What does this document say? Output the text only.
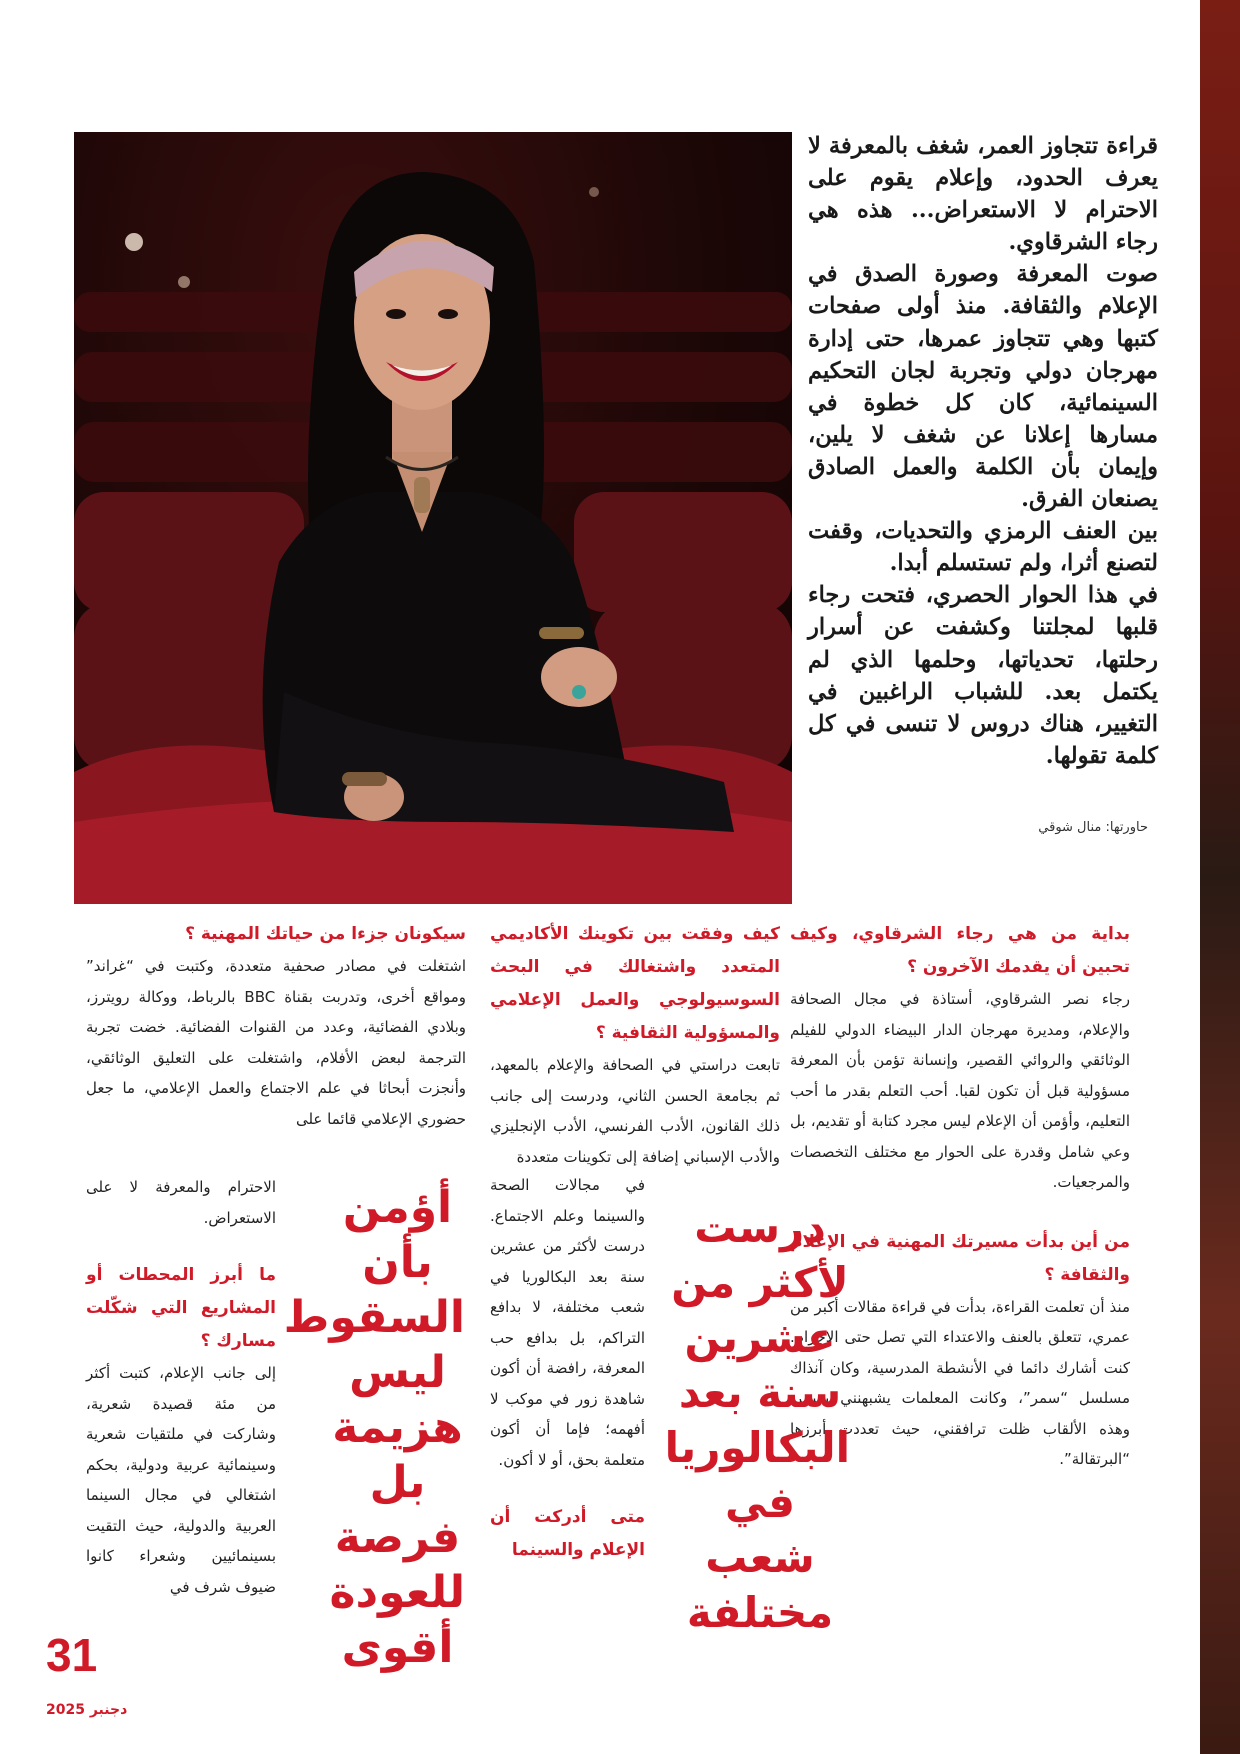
قراءة تتجاوز العمر، شغف بالمعرفة لا يعرف الحدود، وإعلام يقوم على الاحترام لا الاستعراض... هذه هي رجاء الشرقاوي.

صوت المعرفة وصورة الصدق في الإعلام والثقافة. منذ أولى صفحات كتبها وهي تتجاوز عمرها، حتى إدارة مهرجان دولي وتجربة لجان التحكيم السينمائية، كان كل خطوة في مسارها إعلانا عن شغف لا يلين، وإيمان بأن الكلمة والعمل الصادق يصنعان الفرق.

بين العنف الرمزي والتحديات، وقفت لتصنع أثرا، ولم تستسلم أبدا.

في هذا الحوار الحصري، فتحت رجاء قلبها لمجلتنا وكشفت عن أسرار رحلتها، تحدياتها، وحلمها الذي لم يكتمل بعد. للشباب الراغبين في التغيير، هناك دروس لا تنسى في كل كلمة تقولها.

حاورتها: منال شوقي

بداية من هي رجاء الشرقاوي، وكيف تحبين أن يقدمك الآخرون ؟

رجاء نصر الشرقاوي، أستاذة في مجال الصحافة والإعلام، ومديرة مهرجان الدار البيضاء الدولي للفيلم الوثائقي والروائي القصير، وإنسانة تؤمن بأن المعرفة مسؤولية قبل أن تكون لقبا. أحب التعلم بقدر ما أحب التعليم، وأؤمن أن الإعلام ليس مجرد كتابة أو تقديم، بل وعي شامل وقدرة على الحوار مع مختلف التخصصات والمرجعيات.

من أين بدأت مسيرتك المهنية في الإعلام والثقافة ؟

منذ أن تعلمت القراءة، بدأت في قراءة مقالات أكبر من عمري، تتعلق بالعنف والاعتداء التي تصل حتى الإجرام. كنت أشارك دائما في الأنشطة المدرسية، وكان آنذاك مسلسل “سمر”، وكانت المعلمات يشبهنني بسمر، وهذه الألقاب ظلت ترافقني، حيث تعددت أبرزها “البرتقالة”.

كيف وفقت بين تكوينك الأكاديمي المتعدد واشتغالك في البحث السوسيولوجي والعمل الإعلامي والمسؤولية الثقافية ؟

تابعت دراستي في الصحافة والإعلام بالمعهد، ثم بجامعة الحسن الثاني، ودرست إلى جانب ذلك القانون، الأدب الفرنسي، الأدب الإنجليزي والأدب الإسباني إضافة إلى تكوينات متعددة

في مجالات الصحة والسينما وعلم الاجتماع. درست لأكثر من عشرين سنة بعد البكالوريا في شعب مختلفة، لا بدافع التراكم، بل بدافع حب المعرفة، رافضة أن أكون شاهدة زور في موكب لا أفهمه؛ فإما أن أكون متعلمة بحق، أو لا أكون.

متى أدركت أن الإعلام والسينما

درست لأكثر من عشرين سنة بعد البكالوريا في شعب مختلفة

سيكونان جزءا من حياتك المهنية ؟

اشتغلت في مصادر صحفية متعددة، وكتبت في “غراند” ومواقع أخرى، وتدربت بقناة BBC بالرباط، ووكالة رويترز، وبلادي الفضائية، وعدد من القنوات الفضائية. خضت تجربة الترجمة لبعض الأفلام، واشتغلت على التعليق الوثائقي، وأنجزت أبحاثا في علم الاجتماع والعمل الإعلامي، ما جعل حضوري الإعلامي قائما على

الاحترام والمعرفة لا على الاستعراض.

ما أبرز المحطات أو المشاريع التي شكّلت مسارك ؟

إلى جانب الإعلام، كتبت أكثر من مئة قصيدة شعرية، وشاركت في ملتقيات شعرية وسينمائية عربية ودولية، بحكم اشتغالي في مجال السينما العربية والدولية، حيث التقيت بسينمائيين وشعراء كانوا ضيوف شرف في

أؤمن بأن السقوط ليس هزيمة بل فرصة للعودة أقوى
31
دجنبر 2025
